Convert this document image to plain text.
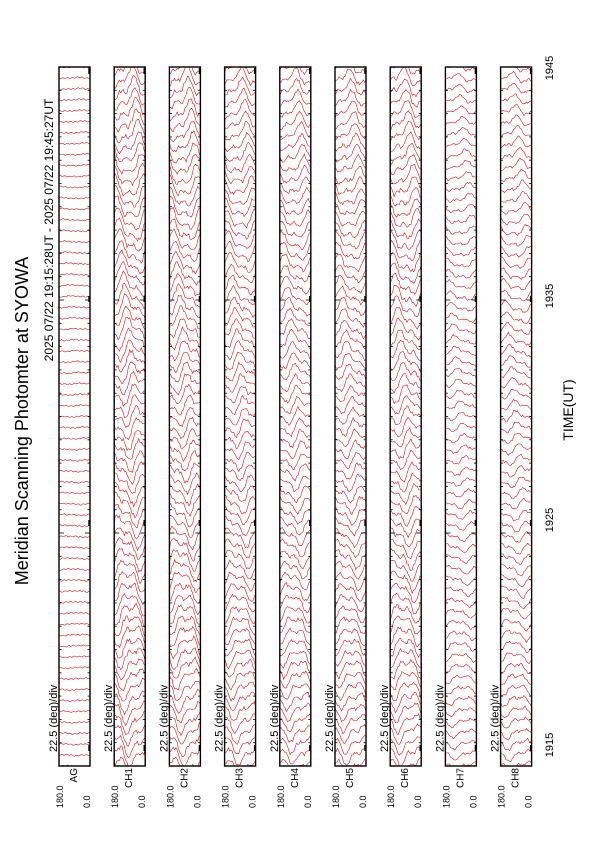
Meridian Scanning Photomter at SYOWA
2025 07/22 19:15:28UT - 2025 07/22 19:45:27UT
22.5 (deg)/div
180.0 0.0
AG
22.5 (deg)/div
180.0 0.0
CH1
22.5 (deg)/div
180.0 0.0
CH2
22.5 (deg)/div
180.0 0.0
CH3
22.5 (deg)/div
180.0 0.0
CH4
22.5 (deg)/div
180.0 0.0
CH5
22.5 (deg)/div
180.0 0.0
CH6
22.5 (deg)/div
180.0 0.0
CH7
22.5 (deg)/div
180.0 0.0
CH8
1915
1925
1935
1945
TIME(UT)
